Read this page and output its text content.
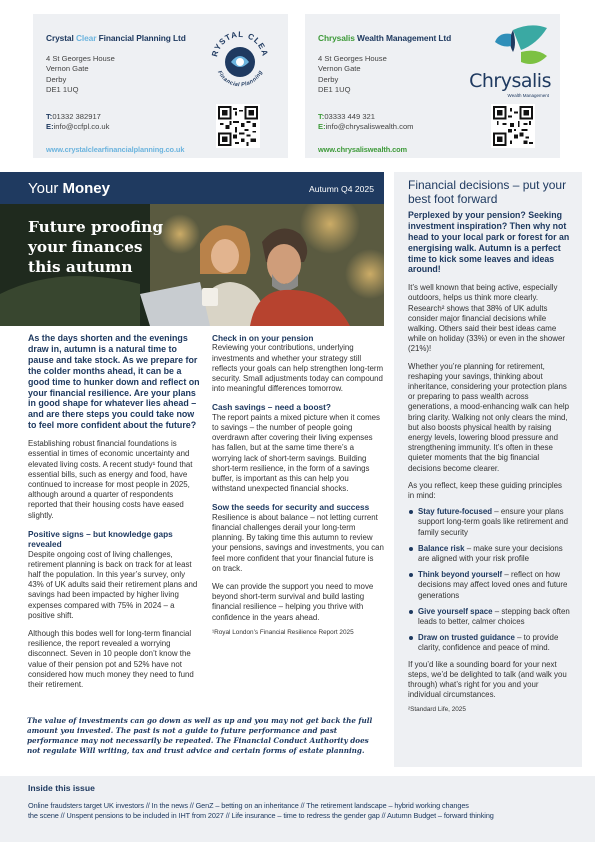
Crystal Clear Financial Planning Ltd
4 St Georges House
Vernon Gate
Derby
DE1 1UQ
T:01332 382917
E:info@ccfpl.co.uk
www.crystalclearfinancialplanning.co.uk
RYSTAL CLEA
Financial Planning
Chrysalis Wealth Management Ltd
4 St Georges House
Vernon Gate
Derby
DE1 1UQ
T:03333 449 321
E:info@chrysaliswealth.com
www.chrysaliswealth.com
Chrysalis
Wealth Management
Your Money	Autumn Q4 2025
Future proofing
your finances
this autumn

As the days shorten and the evenings draw in, autumn is a natural time to pause and take stock. As we prepare for the colder months ahead, it can be a good time to hunker down and reflect on your financial resilience. Are your plans in good shape for whatever lies ahead – and are there steps you could take now to feel more confident about the future?

Establishing robust financial foundations is essential in times of economic uncertainty and elevated living costs. A recent study¹ found that essential bills, such as energy and food, have continued to increase for most people in 2025, although around a quarter of respondents reported that their housing costs have eased slightly.

Positive signs – but knowledge gaps revealed

Despite ongoing cost of living challenges, retirement planning is back on track for at least half the population. In this year’s survey, only 43% of UK adults said their retirement plans and savings had been impacted by higher living expenses compared with 75% in 2024 – a positive shift.

Although this bodes well for long-term financial resilience, the report revealed a worrying disconnect. Seven in 10 people don’t know the value of their pension pot and 52% have not considered how much money they need to fund their retirement.

Check in on your pension

Reviewing your contributions, underlying investments and whether your strategy still reflects your goals can help strengthen long-term security. Small adjustments today can compound into meaningful differences tomorrow.

Cash savings – need a boost?

The report paints a mixed picture when it comes to savings – the number of people going overdrawn after covering their living expenses has fallen, but at the same time there’s a worrying lack of short-term savings. Building short-term resilience, in the form of a savings buffer, is important as this can help you withstand unexpected financial shocks.

Sow the seeds for security and success

Resilience is about balance – not letting current financial challenges derail your long-term planning. By taking time this autumn to review your pensions, savings and investments, you can feel more confident that your financial future is on track.

We can provide the support you need to move beyond short-term survival and build lasting financial resilience – helping you thrive with confidence in the years ahead.

¹Royal London’s Financial Resilience Report 2025
Financial decisions – put your best foot forward

Perplexed by your pension? Seeking investment inspiration? Then why not head to your local park or forest for an energising walk. Autumn is a perfect time to kick some leaves and ideas around!

It’s well known that being active, especially outdoors, helps us think more clearly. Research² shows that 38% of UK adults consider major financial decisions while walking. Others said their best ideas came while on holiday (33%) or even in the shower (21%)!

Whether you’re planning for retirement, reshaping your savings, thinking about inheritance, considering your protection plans or preparing to pass wealth across generations, a mood-enhancing walk can help bring clarity. Walking not only clears the mind, but also boosts physical health by raising energy levels, lowering blood pressure and strengthening immunity. It’s often in these quieter moments that the big financial decisions become clearer.

As you reflect, keep these guiding principles in mind:

Stay future-focused – ensure your plans support long-term goals like retirement and family security
Balance risk – make sure your decisions are aligned with your risk profile
Think beyond yourself – reflect on how decisions may affect loved ones and future generations
Give yourself space – stepping back often leads to better, calmer choices
Draw on trusted guidance – to provide clarity, confidence and peace of mind.

If you’d like a sounding board for your next steps, we’d be delighted to talk (and walk you through) what’s right for you and your individual circumstances.

²Standard Life, 2025
The value of investments can go down as well as up and you may not get back the full amount you invested. The past is not a guide to future performance and past performance may not necessarily be repeated. The Financial Conduct Authority does not regulate Will writing, tax and trust advice and certain forms of estate planning.
Inside this issue
Online fraudsters target UK investors // In the news // GenZ – betting on an inheritance // The retirement landscape – hybrid working changes
the scene // Unspent pensions to be included in IHT from 2027 // Life insurance – time to redress the gender gap // Autumn Budget – forward thinking
